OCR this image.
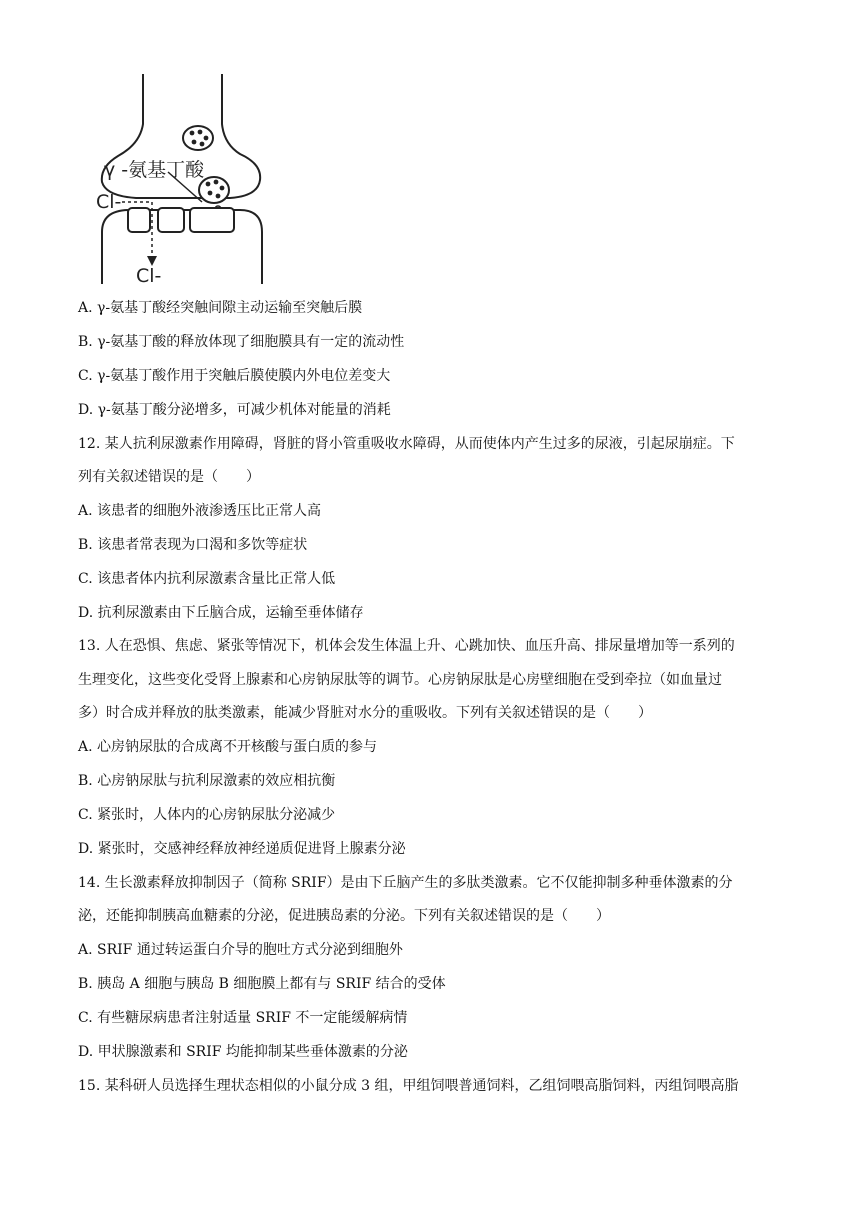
γ -氨基丁酸
Cl-
Cl-
A. γ-氨基丁酸经突触间隙主动运输至突触后膜
B. γ-氨基丁酸的释放体现了细胞膜具有一定的流动性
C. γ-氨基丁酸作用于突触后膜使膜内外电位差变大
D. γ-氨基丁酸分泌增多，可减少机体对能量的消耗
12. 某人抗利尿激素作用障碍，肾脏的肾小管重吸收水障碍，从而使体内产生过多的尿液，引起尿崩症。下
列有关叙述错误的是（　　）
A. 该患者的细胞外液渗透压比正常人高
B. 该患者常表现为口渴和多饮等症状
C. 该患者体内抗利尿激素含量比正常人低
D. 抗利尿激素由下丘脑合成，运输至垂体储存
13. 人在恐惧、焦虑、紧张等情况下，机体会发生体温上升、心跳加快、血压升高、排尿量增加等一系列的
生理变化，这些变化受肾上腺素和心房钠尿肽等的调节。心房钠尿肽是心房壁细胞在受到牵拉（如血量过
多）时合成并释放的肽类激素，能减少肾脏对水分的重吸收。下列有关叙述错误的是（　　）
A. 心房钠尿肽的合成离不开核酸与蛋白质的参与
B. 心房钠尿肽与抗利尿激素的效应相抗衡
C. 紧张时，人体内的心房钠尿肽分泌减少
D. 紧张时，交感神经释放神经递质促进肾上腺素分泌
14. 生长激素释放抑制因子（简称 SRIF）是由下丘脑产生的多肽类激素。它不仅能抑制多种垂体激素的分
泌，还能抑制胰高血糖素的分泌，促进胰岛素的分泌。下列有关叙述错误的是（　　）
A. SRIF 通过转运蛋白介导的胞吐方式分泌到细胞外
B. 胰岛 A 细胞与胰岛 B 细胞膜上都有与 SRIF 结合的受体
C. 有些糖尿病患者注射适量 SRIF 不一定能缓解病情
D. 甲状腺激素和 SRIF 均能抑制某些垂体激素的分泌
15. 某科研人员选择生理状态相似的小鼠分成 3 组，甲组饲喂普通饲料，乙组饲喂高脂饲料，丙组饲喂高脂
